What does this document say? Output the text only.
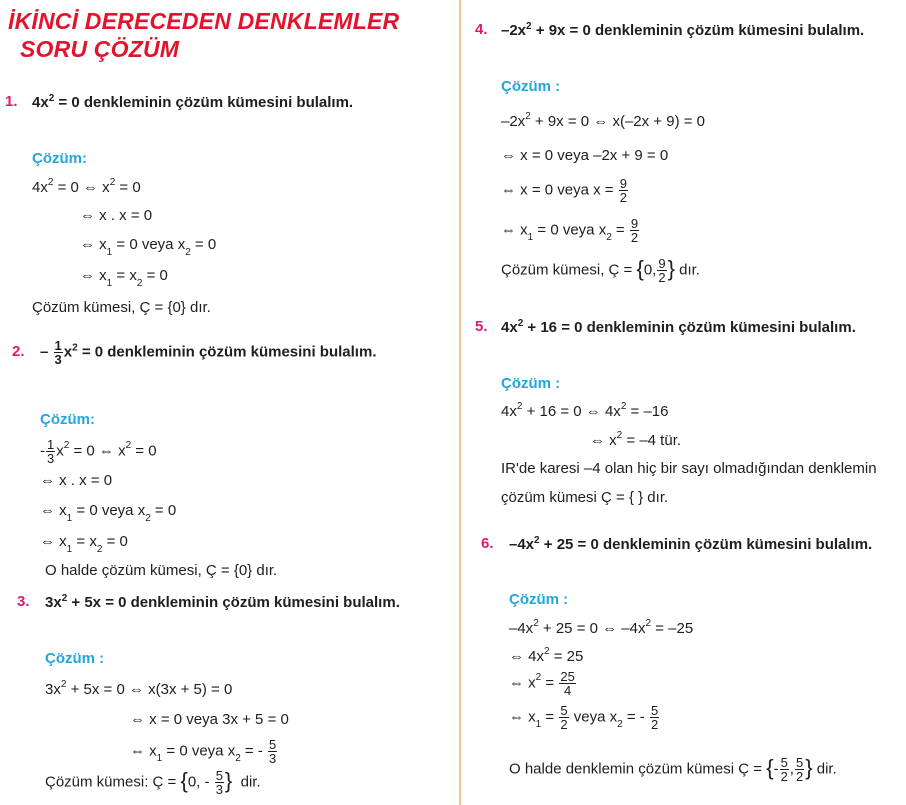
İKİNCİ DERECEDEN DENKLEMLER
SORU ÇÖZÜM
1. $4x^2 = 0$ denkleminin çözüm kümesini bulalım.
Çözüm:
$4x^2 = 0$ ⇔ $x^2 = 0$
⇔ x . x = 0
⇔ $x_1 = 0$ veya $x_2 = 0$
⇔ $x_1 = x_2 = 0$
Çözüm kümesi, Ç = {0} dır.
2. – $\frac{1}{3} x^2 = 0$ denkleminin çözüm kümesini bulalım.
Çözüm:
- $\frac{1}{3} x^2 = 0$ ⇔ $x^2 = 0$
⇔ x . x = 0
⇔ $x_1 = 0$ veya $x_2 = 0$
⇔ $x_1 = x_2 = 0$
O halde çözüm kümesi, Ç = {0} dır.
3. $3x^2 + 5x = 0$ denkleminin çözüm kümesini bulalım.
Çözüm :
$3x^2 + 5x = 0$ ⇔ x(3x + 5) = 0
⇔ x = 0 veya 3x + 5 = 0
⇔ $x_1 = 0$ veya $x_2$ = - $\frac{5}{3}$
Çözüm kümesi: Ç = {0, - $\frac{5}{3}$ } dir.
4. $-2x^2 + 9x = 0$ denkleminin çözüm kümesini bulalım.
Çözüm :
$-2x^2 + 9x = 0$ ⇔ x(–2x + 9) = 0
⇔ x = 0 veya –2x + 9 = 0
⇔ x = 0 veya $x = \frac{9}{2}$
⇔ $x_1 = 0$ veya $x_2 = \frac{9}{2}$
Çözüm kümesi, Ç = {0, $\frac{9}{2}$ } dır.
5. $4x^2 + 16 = 0$ denkleminin çözüm kümesini bulalım.
Çözüm :
$4x^2 + 16 = 0$ ⇔ $4x^2 = -16$
⇔ $x^2 = -4$ tür.
IR'de karesi –4 olan hiç bir sayı olmadığından denklemin
çözüm kümesi Ç = { } dır.
6. $-4x^2 + 25 = 0$ denkleminin çözüm kümesini bulalım.
Çözüm :
$-4x^2 + 25 = 0$ ⇔ $-4x^2 = -25$
⇔ $4x^2 = 25$
⇔ $x^2 = \frac{25}{4}$
⇔ $x_1 = \frac{5}{2}$ veya $x_2$ = - $\frac{5}{2}$
O halde denklemin çözüm kümesi Ç = {- $\frac{5}{2}$ , $\frac{5}{2}$ } dir.
